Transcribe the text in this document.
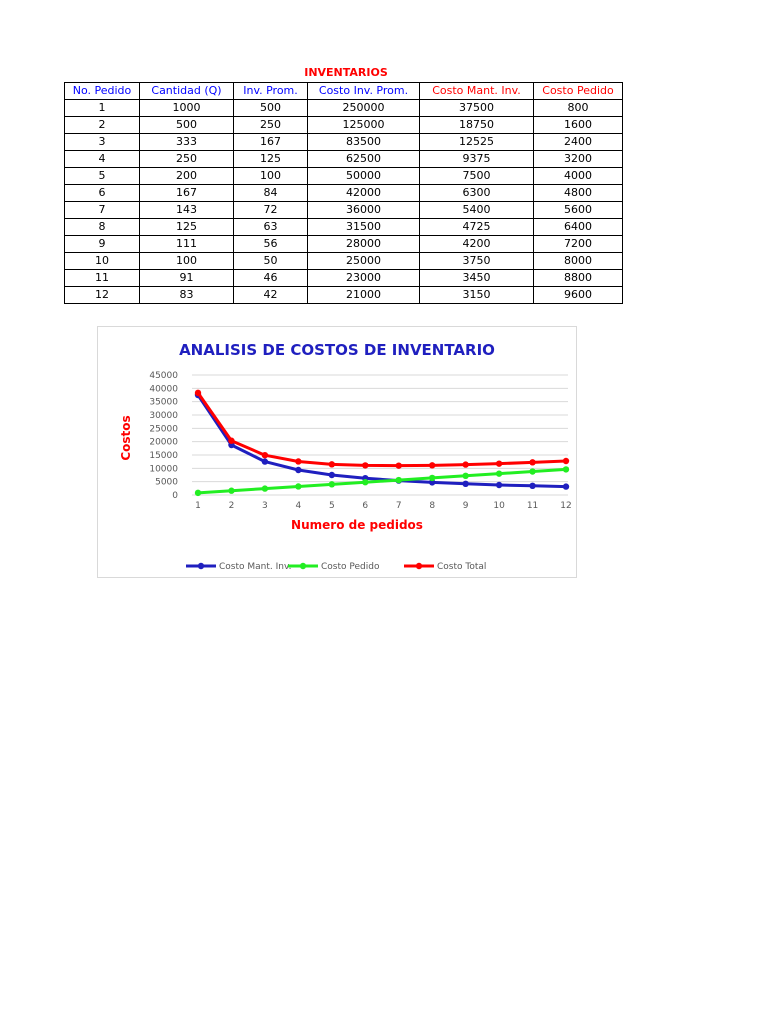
INVENTARIOS
No. Pedido	Cantidad (Q)	Inv. Prom.	Costo Inv. Prom.	Costo Mant. Inv.	Costo Pedido
1	1000	500	250000	37500	800
2	500	250	125000	18750	1600
3	333	167	83500	12525	2400
4	250	125	62500	9375	3200
5	200	100	50000	7500	4000
6	167	84	42000	6300	4800
7	143	72	36000	5400	5600
8	125	63	31500	4725	6400
9	111	56	28000	4200	7200
10	100	50	25000	3750	8000
11	91	46	23000	3450	8800
12	83	42	21000	3150	9600
ANALISIS DE COSTOS DE INVENTARIO
0
5000
10000
15000
20000
25000
30000
35000
40000
45000
1	2	3	4	5	6	7	8	9	10 11 12
Costos
Numero de pedidos
Costo Mant. Inv.	Costo Pedido	Costo Total
